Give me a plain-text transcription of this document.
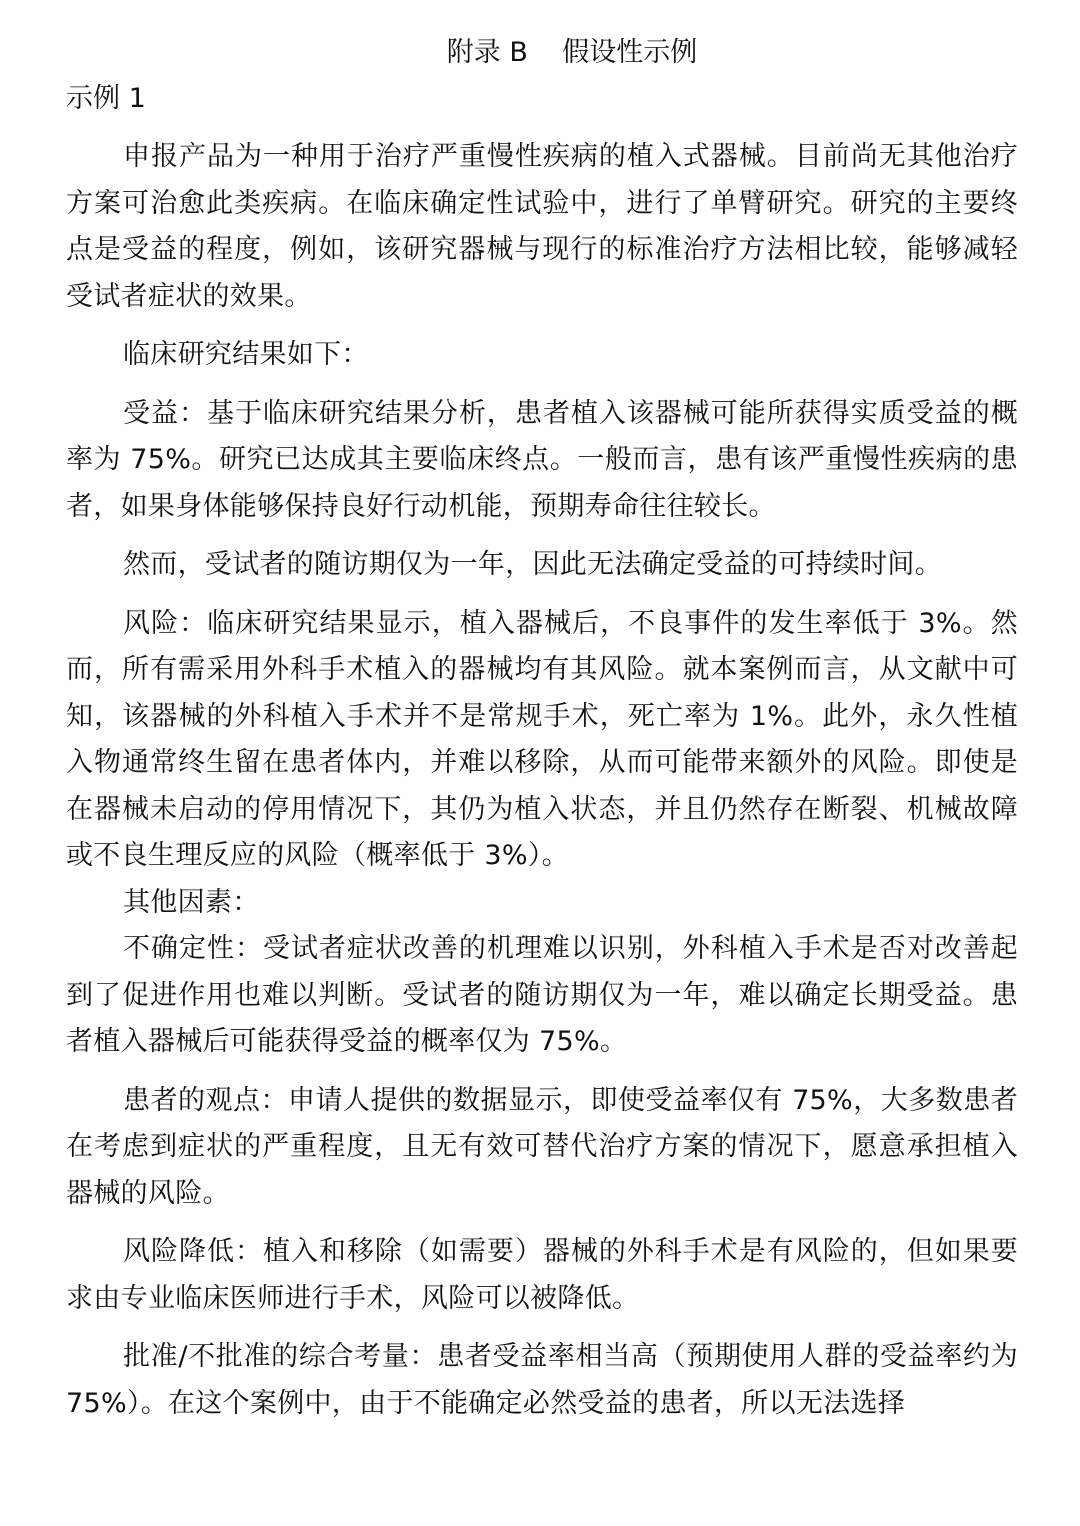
附录 B    假设性示例

示例 1

申报产品为一种用于治疗严重慢性疾病的植入式器械。目前尚无其他治疗方案可治愈此类疾病。在临床确定性试验中，进行了单臂研究。研究的主要终点是受益的程度，例如，该研究器械与现行的标准治疗方法相比较，能够减轻受试者症状的效果。

临床研究结果如下：

受益：基于临床研究结果分析，患者植入该器械可能所获得实质受益的概率为 75%。研究已达成其主要临床终点。一般而言，患有该严重慢性疾病的患者，如果身体能够保持良好行动机能，预期寿命往往较长。

然而，受试者的随访期仅为一年，因此无法确定受益的可持续时间。

风险：临床研究结果显示，植入器械后，不良事件的发生率低于 3%。然而，所有需采用外科手术植入的器械均有其风险。就本案例而言，从文献中可知，该器械的外科植入手术并不是常规手术，死亡率为 1%。此外，永久性植入物通常终生留在患者体内，并难以移除，从而可能带来额外的风险。即使是在器械未启动的停用情况下，其仍为植入状态，并且仍然存在断裂、机械故障或不良生理反应的风险（概率低于 3%）。

其他因素：

不确定性：受试者症状改善的机理难以识别，外科植入手术是否对改善起到了促进作用也难以判断。受试者的随访期仅为一年，难以确定长期受益。患者植入器械后可能获得受益的概率仅为 75%。

患者的观点：申请人提供的数据显示，即使受益率仅有 75%，大多数患者在考虑到症状的严重程度，且无有效可替代治疗方案的情况下，愿意承担植入器械的风险。

风险降低：植入和移除（如需要）器械的外科手术是有风险的，但如果要求由专业临床医师进行手术，风险可以被降低。

批准/不批准的综合考量：患者受益率相当高（预期使用人群的受益率约为 75%）。在这个案例中，由于不能确定必然受益的患者，所以无法选择
